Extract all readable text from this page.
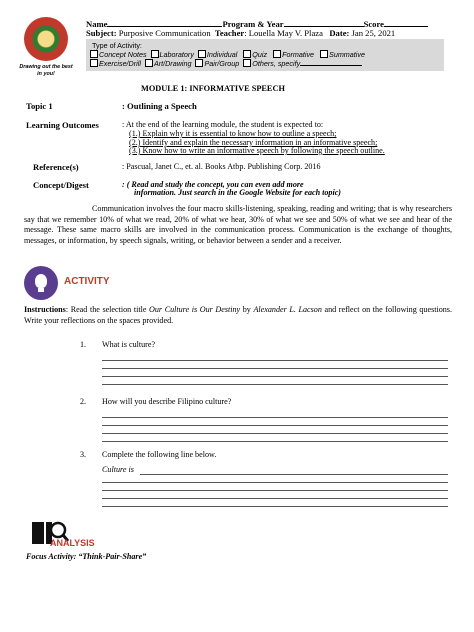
Drawing out the best in you!
Name	Program & Year	Score
Subject: Purposive Communication Teacher: Louella May V. Plaza Date: Jan 25, 2021
Type of Activity:
Concept Notes Laboratory Individual Quiz Formative Summative
Exercise/Drill Art/Drawing Pair/Group Others, specify
MODULE 1: INFORMATIVE SPEECH
Topic 1	: Outlining a Speech
Learning Outcomes	: At the end of the learning module, the student is expected to:
(1.) Explain why it is essential to know how to outline a speech;
(2.) Identify and explain the necessary information in an informative speech;
(3.) Know how to write an informative speech by following the speech outline.
Reference(s)	: Pascual, Janet C., et. al. Books Atbp. Publishing Corp. 2016
Concept/Digest	: ( Read and study the concept, you can even add more
information. Just search in the Google Website for each topic)
Communication involves the four macro skills-listening, speaking, reading and writing; that is why researchers say that we remember 10% of what we read, 20% of what we hear, 30% of what we see and 50% of what we see and hear of the message. These same macro skills are involved in the communication process. Communication is the exchange of thoughts, messages, or information, by speech signals, writing, or behavior between a sender and a receiver.
ACTIVITY
Instructions: Read the selection title Our Culture is Our Destiny by Alexander L. Lacson and reflect on the following questions. Write your reflections on the spaces provided.
1. What is culture?
2. How will you describe Filipino culture?
3. Complete the following line below.
Culture is
ANALYSIS
Focus Activity: “Think-Pair-Share”
